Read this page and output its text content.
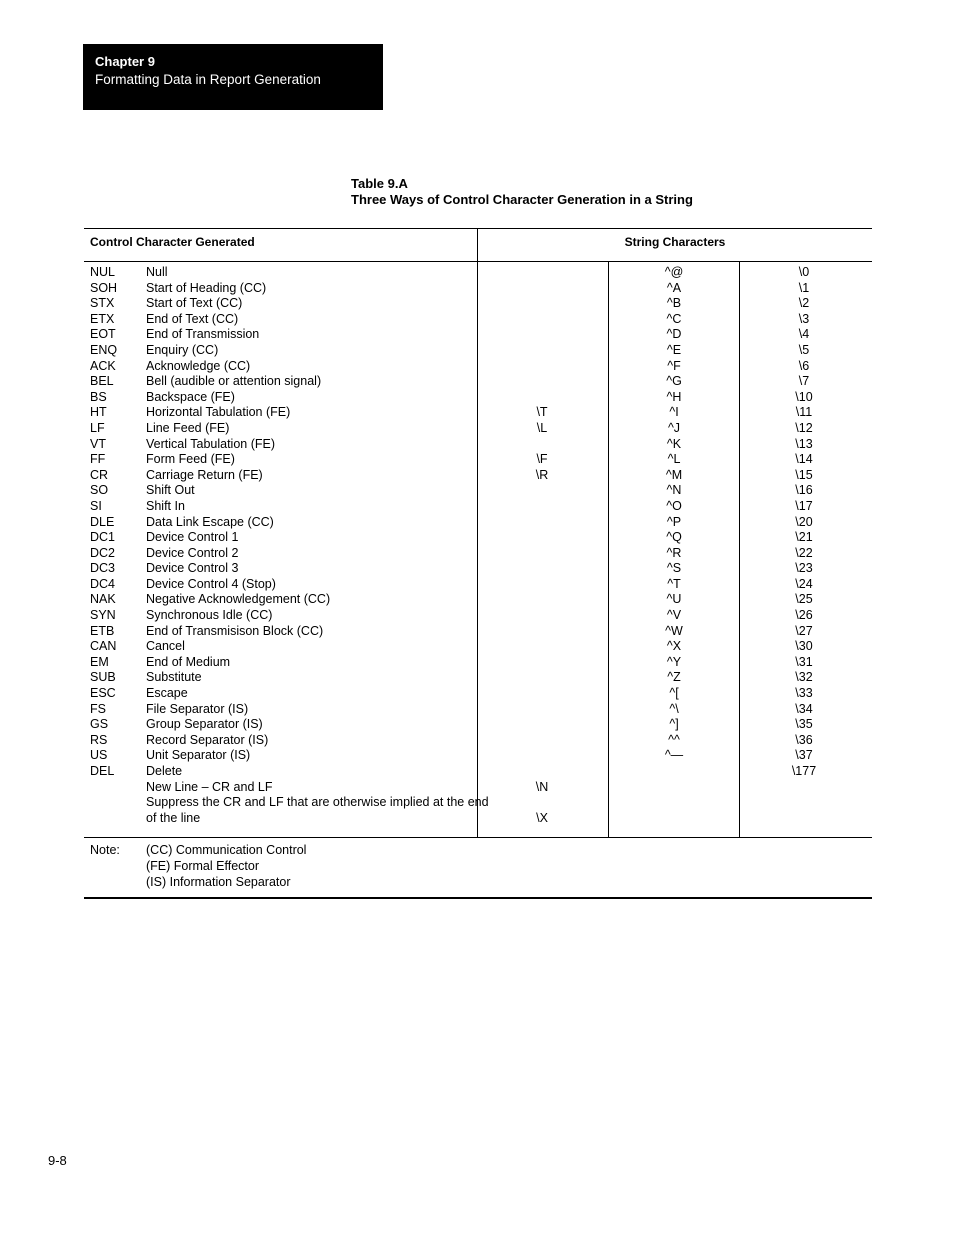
Chapter 9
Formatting Data in Report Generation
Table 9.A
Three Ways of Control Character Generation in a String
Control Character Generated	String Characters
NUL Null	^@	\0
SOH Start of Heading (CC)	^A	\1
STX	Start of Text (CC)	^B	\2
ETX	End of Text (CC)	^C	\3
EOT End of Transmission	^D	\4
ENQ Enquiry (CC)	^E	\5
ACK Acknowledge (CC)	^F	\6
BEL	Bell (audible or attention signal)	^G	\7
BS	Backspace (FE)	^H	\10
HT	Horizontal Tabulation (FE)	\T	^I	\11
LF	Line Feed (FE)	\L	^J	\12
VT	Vertical Tabulation (FE)	^K	\13
FF	Form Feed (FE)	\F	^L	\14
CR	Carriage Return (FE)	\R	^M	\15
SO	Shift Out	^N	\16
SI	Shift In	^O	\17
DLE	Data Link Escape (CC)	^P	\20
DC1 Device Control 1	^Q	\21
DC2 Device Control 2	^R	\22
DC3 Device Control 3	^S	\23
DC4 Device Control 4 (Stop)	^T	\24
NAK Negative Acknowledgement (CC)	^U	\25
SYN Synchronous Idle (CC)	^V	\26
ETB	End of Transmisison Block (CC)	^W	\27
CAN Cancel	^X	\30
EM	End of Medium	^Y	\31
SUB Substitute	^Z	\32
ESC Escape	^[	\33
FS	File Separator (IS)	^\	\34
GS	Group Separator (IS)	^]	\35
RS	Record Separator (IS)	^^	\36
US	Unit Separator (IS)	^—	\37
DEL	Delete	\177
New Line – CR and LF	\N
Suppress the CR and LF that are otherwise implied at the end
of the line	\X
Note: (CC) Communication Control
(FE) Formal Effector
(IS) Information Separator
9-8
